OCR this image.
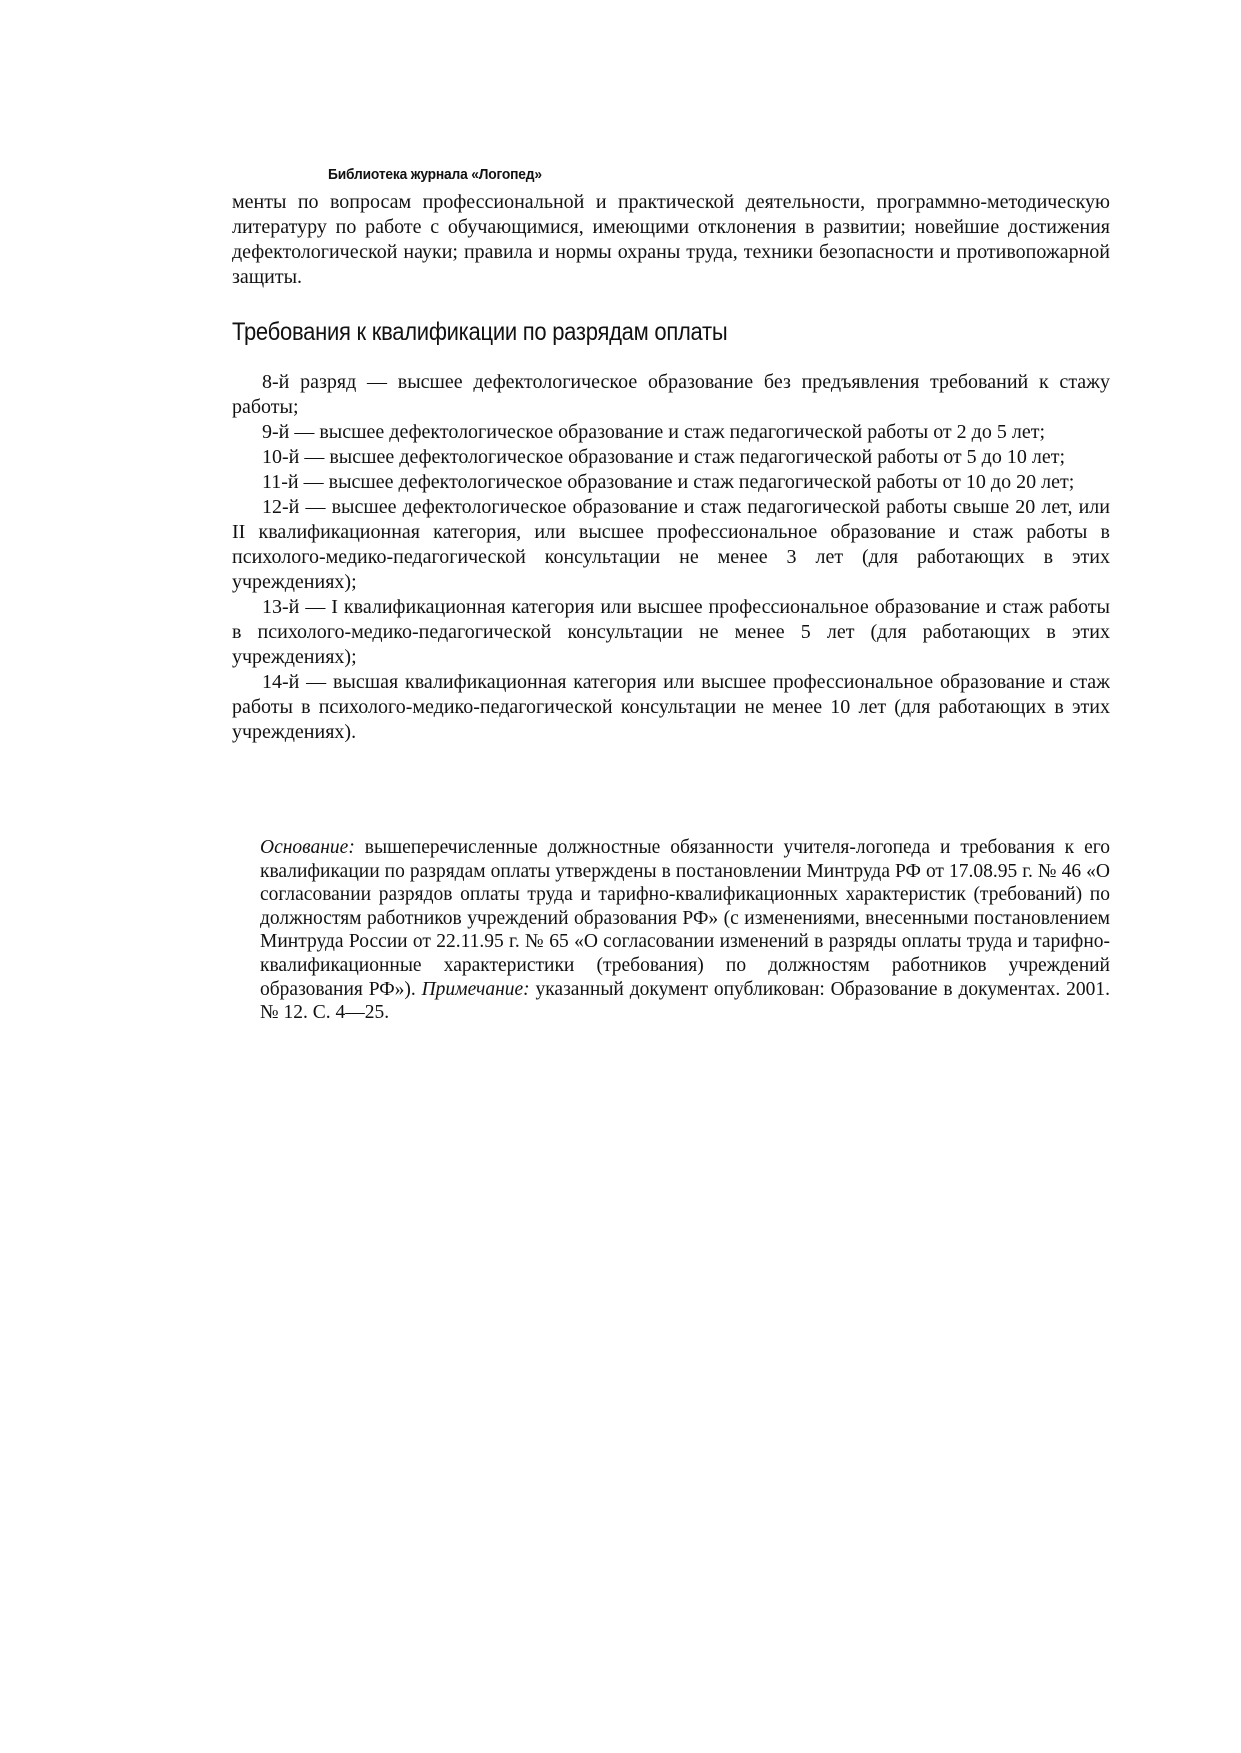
Библиотека журнала «Логопед»

менты по вопросам профессиональной и практической деятельности, программно-методическую литературу по работе с обучающимися, имеющими отклонения в развитии; новейшие достижения дефектологической науки; правила и нормы охраны труда, техники безопасности и противопожарной защиты.

Требования к квалификации по разрядам оплаты
8-й разряд — высшее дефектологическое образование без предъявления требований к стажу работы;
9-й — высшее дефектологическое образование и стаж педагогической работы от 2 до 5 лет;
10-й — высшее дефектологическое образование и стаж педагогической работы от 5 до 10 лет;
11-й — высшее дефектологическое образование и стаж педагогической работы от 10 до 20 лет;
12-й — высшее дефектологическое образование и стаж педагогической работы свыше 20 лет, или II квалификационная категория, или высшее профессиональное образование и стаж работы в психолого-медико-педагогической консультации не менее 3 лет (для работающих в этих учреждениях);
13-й — I квалификационная категория или высшее профессиональное образование и стаж работы в психолого-медико-педагогической консультации не менее 5 лет (для работающих в этих учреждениях);
14-й — высшая квалификационная категория или высшее профессиональное образование и стаж работы в психолого-медико-педагогической консультации не менее 10 лет (для работающих в этих учреждениях).

Основание: вышеперечисленные должностные обязанности учителя-логопеда и требования к его квалификации по разрядам оплаты утверждены в постановлении Минтруда РФ от 17.08.95 г. № 46 «О согласовании разрядов оплаты труда и тарифно-квалификационных характеристик (требований) по должностям работников учреждений образования РФ» (с изменениями, внесенными постановлением Минтруда России от 22.11.95 г. № 65 «О согласовании изменений в разряды оплаты труда и тарифно-квалификационные характеристики (требования) по должностям работников учреждений образования РФ»). Примечание: указанный документ опубликован: Образование в документах. 2001. № 12. С. 4—25.
